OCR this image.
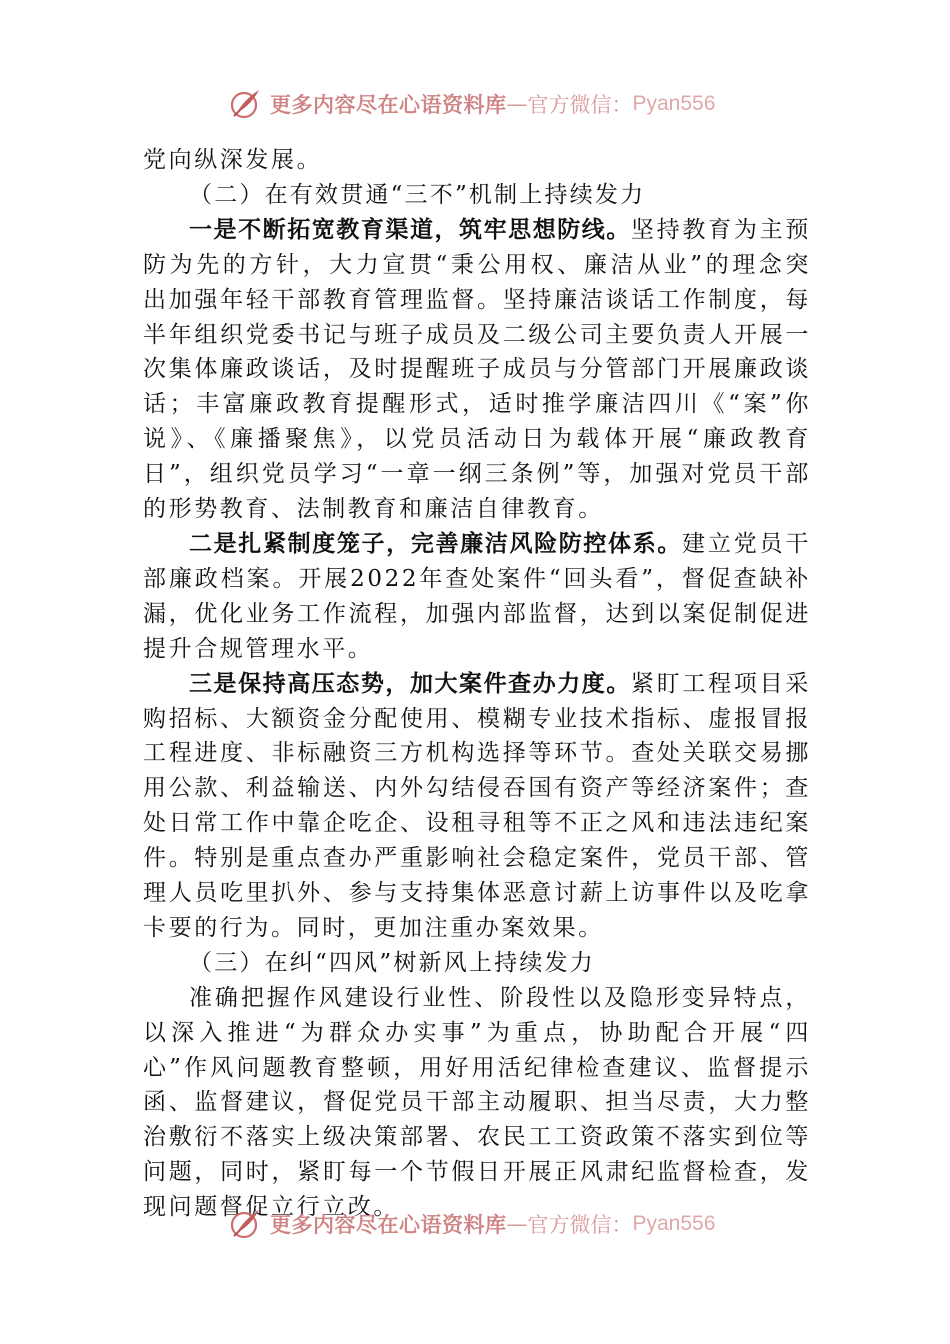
更多内容尽在心语资料库 — 官方微信： Pyan556

党向纵深发展。

（二）在有效贯通“三不”机制上持续发力

一是不断拓宽教育渠道，筑牢思想防线。坚持教育为主预防为先的方针，大力宣贯“秉公用权、廉洁从业”的理念突出加强年轻干部教育管理监督。坚持廉洁谈话工作制度，每半年组织党委书记与班子成员及二级公司主要负责人开展一次集体廉政谈话，及时提醒班子成员与分管部门开展廉政谈话；丰富廉政教育提醒形式，适时推学廉洁四川《“案”你说》、《廉播聚焦》，以党员活动日为载体开展“廉政教育日”，组织党员学习“一章一纲三条例”等，加强对党员干部的形势教育、法制教育和廉洁自律教育。

二是扎紧制度笼子，完善廉洁风险防控体系。建立党员干部廉政档案。开展2022年查处案件“回头看”，督促查缺补漏，优化业务工作流程，加强内部监督，达到以案促制促进提升合规管理水平。

三是保持高压态势，加大案件查办力度。紧盯工程项目采购招标、大额资金分配使用、模糊专业技术指标、虚报冒报工程进度、非标融资三方机构选择等环节。查处关联交易挪用公款、利益输送、内外勾结侵吞国有资产等经济案件；查处日常工作中靠企吃企、设租寻租等不正之风和违法违纪案件。特别是重点查办严重影响社会稳定案件，党员干部、管理人员吃里扒外、参与支持集体恶意讨薪上访事件以及吃拿卡要的行为。同时，更加注重办案效果。

（三）在纠“四风”树新风上持续发力

准确把握作风建设行业性、阶段性以及隐形变异特点，以深入推进“为群众办实事”为重点，协助配合开展“四心”作风问题教育整顿，用好用活纪律检查建议、监督提示函、监督建议，督促党员干部主动履职、担当尽责，大力整治敷衍不落实上级决策部署、农民工工资政策不落实到位等问题，同时，紧盯每一个节假日开展正风肃纪监督检查，发现问题督促立行立改。

更多内容尽在心语资料库 — 官方微信： Pyan556
